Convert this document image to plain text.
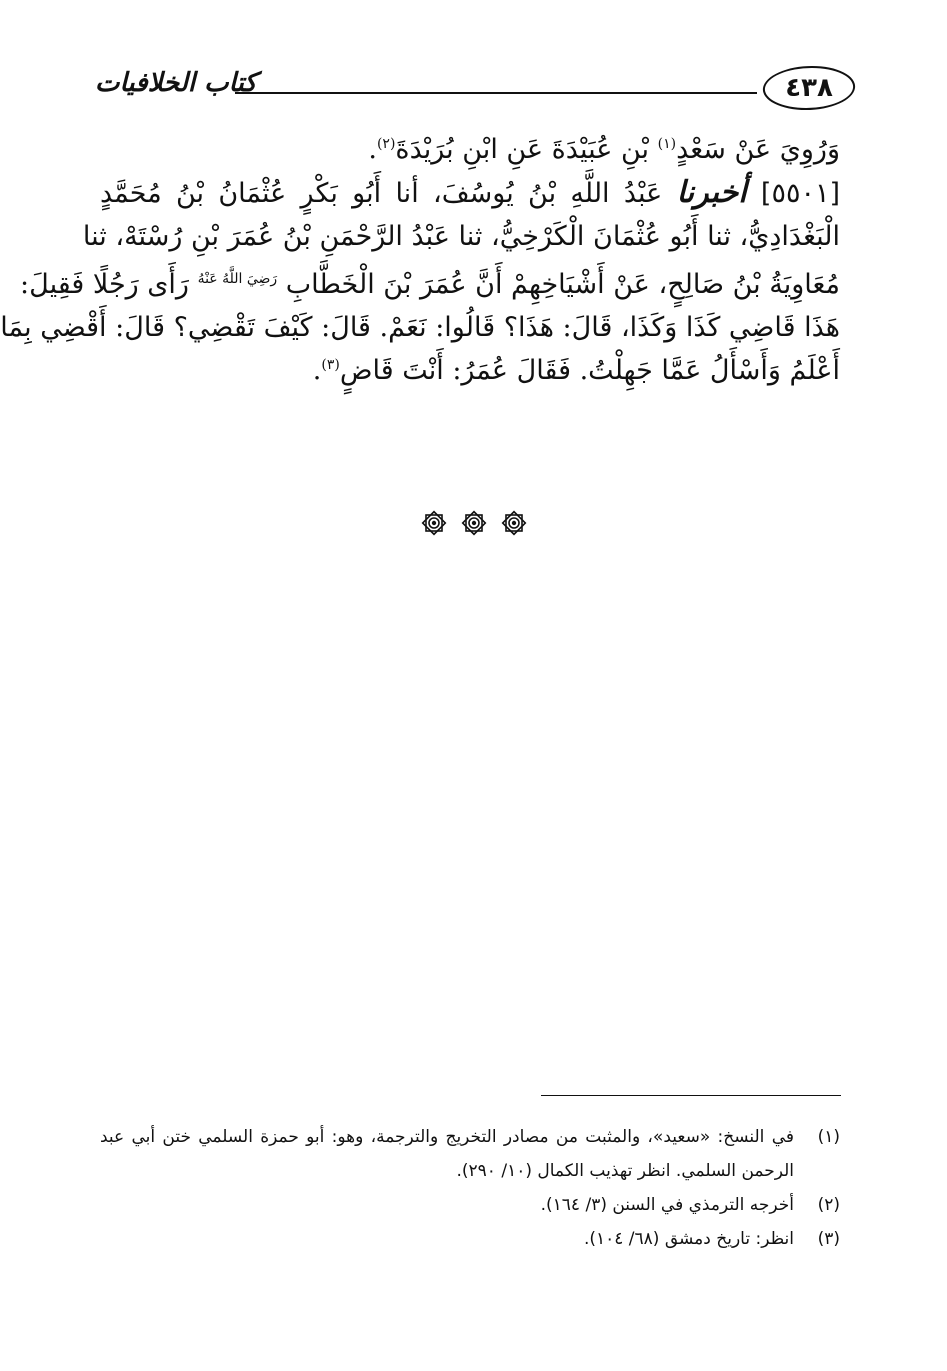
٤٣٨
كتاب الخلافيات
وَرُوِيَ عَنْ سَعْدٍ$^{(١)}$ بْنِ عُبَيْدَةَ عَنِ ابْنِ بُرَيْدَةَ$^{(٢)}$.
[٥٥٠١] أخبرنا عَبْدُ اللَّهِ بْنُ يُوسُفَ، أنا أَبُو بَكْرٍ عُثْمَانُ بْنُ مُحَمَّدٍ
الْبَغْدَادِيُّ، ثنا أَبُو عُثْمَانَ الْكَرْخِيُّ، ثنا عَبْدُ الرَّحْمَنِ بْنُ عُمَرَ بْنِ رُسْتَهْ، ثنا
مُعَاوِيَةُ بْنُ صَالِحٍ، عَنْ أَشْيَاخِهِمْ أَنَّ عُمَرَ بْنَ الْخَطَّابِ $^{رَضِيَ اللَّهُ عَنْهُ}$ رَأَى رَجُلًا فَقِيلَ:
هَذَا قَاضِي كَذَا وَكَذَا، قَالَ: هَذَا؟ قَالُوا: نَعَمْ. قَالَ: كَيْفَ تَقْضِي؟ قَالَ: أَقْضِي بِمَا
أَعْلَمُ وَأَسْأَلُ عَمَّا جَهِلْتُ. فَقَالَ عُمَرُ: أَنْتَ قَاضٍ$^{(٣)}$.
(١)
في النسخ: «سعيد»، والمثبت من مصادر التخريج والترجمة، وهو: أبو حمزة السلمي ختن أبي عبد الرحمن السلمي. انظر تهذيب الكمال (١٠/ ٢٩٠).
(٢)
أخرجه الترمذي في السنن (٣/ ١٦٤).
(٣)
انظر: تاريخ دمشق (٦٨/ ١٠٤).
